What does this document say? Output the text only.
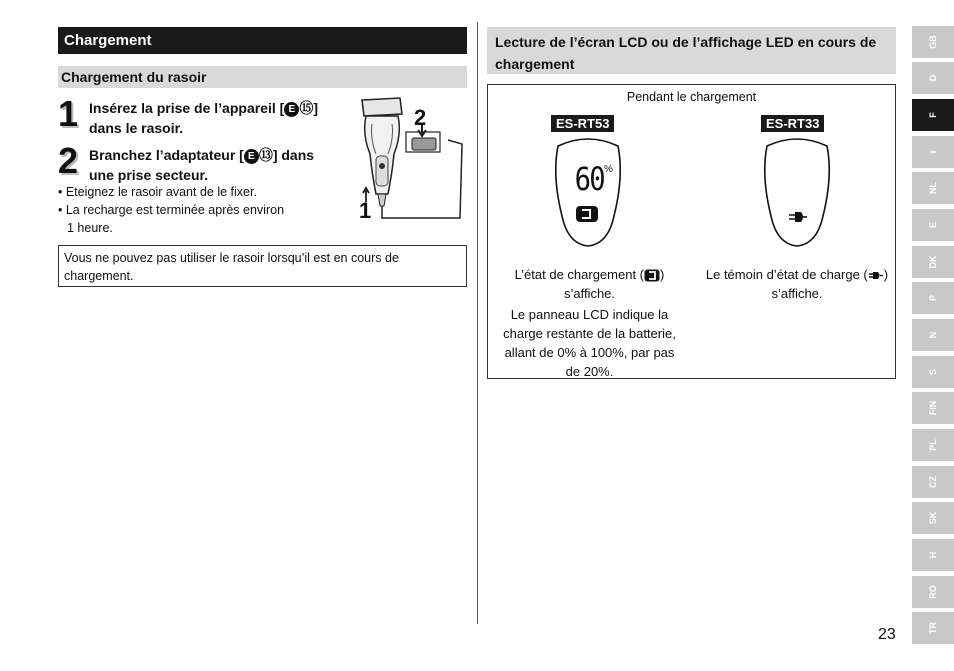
Chargement
Chargement du rasoir
1 Insérez la prise de l’appareil [ E ⑮]
dans le rasoir.
2 Branchez l’adaptateur [ E ⑬] dans
une prise secteur.
• Eteignez le rasoir avant de le fixer.
• La recharge est terminée après environ
1 heure.
2
1
Vous ne pouvez pas utiliser le rasoir lorsqu’il est en cours de chargement.
Lecture de l’écran LCD ou de l’affichage LED en cours de chargement
Pendant le chargement
ES-RT53	ES-RT33
60 %
L’état de chargement ( )
s’affiche.
Le panneau LCD indique la charge restante de la batterie, allant de 0% à 100%, par pas de 20%.
Le témoin d’état de charge ( )
s’affiche.
GB
D
F
I
NL
E
DK
P
N
S
FIN
PL
CZ
SK
H
RO
TR
23
